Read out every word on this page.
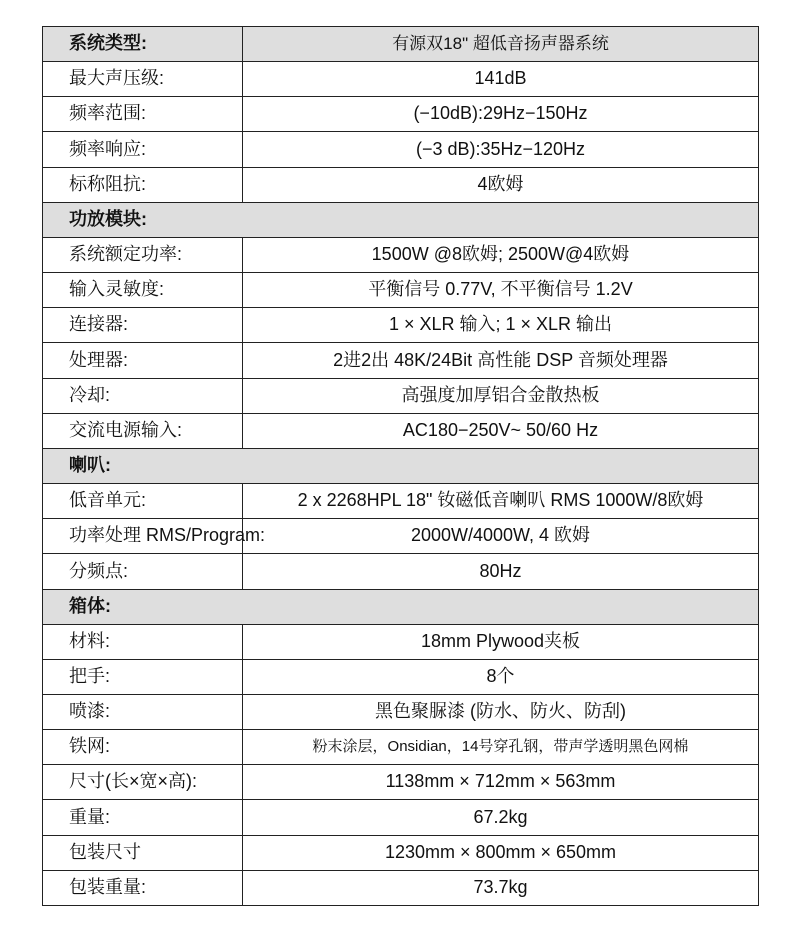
系统类型:	有源双18" 超低音扬声器系统
最大声压级:	141dB
频率范围:	(−10dB):29Hz−150Hz
频率响应:	(−3 dB):35Hz−120Hz
标称阻抗:	4欧姆
功放模块:	
系统额定功率:	1500W @8欧姆; 2500W@4欧姆
输入灵敏度:	平衡信号 0.77V, 不平衡信号 1.2V
连接器:	1 × XLR 输入; 1 × XLR 输出
处理器:	2进2出 48K/24Bit 高性能 DSP 音频处理器
冷却:	高强度加厚铝合金散热板
交流电源输入:	AC180−250V~ 50/60 Hz
喇叭:	
低音单元:	2 x 2268HPL 18" 钕磁低音喇叭 RMS 1000W/8欧姆
功率处理 RMS/Program:	2000W/4000W, 4 欧姆
分频点:	80Hz
箱体:	
材料:	18mm Plywood夹板
把手:	8个
喷漆:	黑色聚脲漆 (防水、防火、防刮)
铁网:	粉末涂层，Onsidian，14号穿孔钢，带声学透明黑色网棉
尺寸(长×宽×高):	1138mm × 712mm × 563mm
重量:	67.2kg
包装尺寸	1230mm × 800mm × 650mm
包装重量:	73.7kg
